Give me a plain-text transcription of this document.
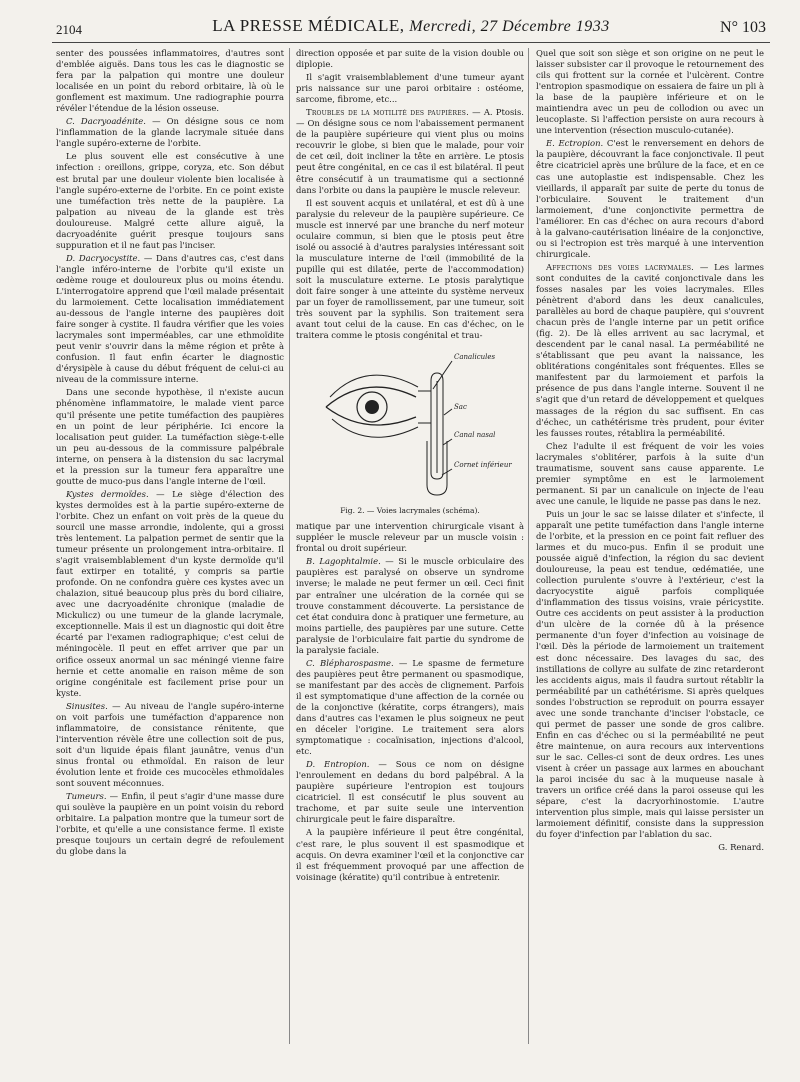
2104	LA PRESSE MÉDICALE, Mercredi, 27 Décembre 1933	N° 103

senter des poussées inflammatoires, d'autres sont d'emblée aiguës. Dans tous les cas le diagnostic se fera par la palpation qui montre une douleur localisée en un point du rebord orbitaire, là où le gonflement est maximum. Une radiographie pourra révéler l'étendue de la lésion osseuse.

C. Dacryoadénite. — On désigne sous ce nom l'inflammation de la glande lacrymale située dans l'angle supéro-externe de l'orbite.

Le plus souvent elle est consécutive à une infection : oreillons, grippe, coryza, etc. Son début est brutal par une douleur violente bien localisée à l'angle supéro-externe de l'orbite. En ce point existe une tuméfaction très nette de la paupière. La palpation au niveau de la glande est très douloureuse. Malgré cette allure aiguë, la dacryoadénite guérit presque toujours sans suppuration et il ne faut pas l'inciser.

D. Dacryocystite. — Dans d'autres cas, c'est dans l'angle inféro-interne de l'orbite qu'il existe un œdème rouge et douloureux plus ou moins étendu. L'interrogatoire apprend que l'œil malade présentait du larmoiement. Cette localisation immédiatement au-dessous de l'angle interne des paupières doit faire songer à cystite. Il faudra vérifier que les voies lacrymales sont imperméables, car une ethmoïdite peut venir s'ouvrir dans la même région et prête à confusion. Il faut enfin écarter le diagnostic d'érysipèle à cause du début fréquent de celui-ci au niveau de la commissure interne.

Dans une seconde hypothèse, il n'existe aucun phénomène inflammatoire, le malade vient parce qu'il présente une petite tuméfaction des paupières en un point de leur périphérie. Ici encore la localisation peut guider. La tuméfaction siège-t-elle un peu au-dessous de la commissure palpébrale interne, on pensera à la distension du sac lacrymal et la pression sur la tumeur fera apparaître une goutte de muco-pus dans l'angle interne de l'œil.

Kystes dermoïdes. — Le siège d'élection des kystes dermoïdes est à la partie supéro-externe de l'orbite. Chez un enfant on voit près de la queue du sourcil une masse arrondie, indolente, qui a grossi très lentement. La palpation permet de sentir que la tumeur présente un prolongement intra-orbitaire. Il s'agit vraisemblablement d'un kyste dermoïde qu'il faut extirper en totalité, y compris sa partie profonde. On ne confondra guère ces kystes avec un chalazion, situé beaucoup plus près du bord ciliaire, avec une dacryoadénite chronique (maladie de Mickulicz) ou une tumeur de la glande lacrymale, exceptionnelle. Mais il est un diagnostic qui doit être écarté par l'examen radiographique; c'est celui de méningocèle. Il peut en effet arriver que par un orifice osseux anormal un sac méningé vienne faire hernie et cette anomalie en raison même de son origine congénitale est facilement prise pour un kyste.

Sinusites. — Au niveau de l'angle supéro-interne on voit parfois une tuméfaction d'apparence non inflammatoire, de consistance rénitente, que l'intervention révèle être une collection soit de pus, soit d'un liquide épais filant jaunâtre, venus d'un sinus frontal ou ethmoïdal. En raison de leur évolution lente et froide ces mucocèles ethmoïdales sont souvent méconnues.

Tumeurs. — Enfin, il peut s'agir d'une masse dure qui soulève la paupière en un point voisin du rebord orbitaire. La palpation montre que la tumeur sort de l'orbite, et qu'elle a une consistance ferme. Il existe presque toujours un certain degré de refoulement du globe dans la

direction opposée et par suite de la vision double ou diplopie.

Il s'agit vraisemblablement d'une tumeur ayant pris naissance sur une paroi orbitaire : ostéome, sarcome, fibrome, etc...

Troubles de la motilité des paupières. — A. Ptosis. — On désigne sous ce nom l'abaissement permanent de la paupière supérieure qui vient plus ou moins recouvrir le globe, si bien que le malade, pour voir de cet œil, doit incliner la tête en arrière. Le ptosis peut être congénital, en ce cas il est bilatéral. Il peut être consécutif à un traumatisme qui a sectionné dans l'orbite ou dans la paupière le muscle releveur.

Il est souvent acquis et unilatéral, et est dû à une paralysie du releveur de la paupière supérieure. Ce muscle est innervé par une branche du nerf moteur oculaire commun, si bien que le ptosis peut être isolé ou associé à d'autres paralysies intéressant soit la musculature interne de l'œil (immobilité de la pupille qui est dilatée, perte de l'accommodation) soit la musculature externe. Le ptosis paralytique doit faire songer à une atteinte du système nerveux par un foyer de ramollissement, par une tumeur, soit très souvent par la syphilis. Son traitement sera avant tout celui de la cause. En cas d'échec, on le traitera comme le ptosis congénital et trau-

Canalicules
Sac
Canal nasal
Cornet inférieur
Fig. 2. — Voies lacrymales (schéma).

matique par une intervention chirurgicale visant à suppléer le muscle releveur par un muscle voisin : frontal ou droit supérieur.

B. Lagophtalmie. — Si le muscle orbiculaire des paupières est paralysé on observe un syndrome inverse; le malade ne peut fermer un œil. Ceci finit par entraîner une ulcération de la cornée qui se trouve constamment découverte. La persistance de cet état conduira donc à pratiquer une fermeture, au moins partielle, des paupières par une suture. Cette paralysie de l'orbiculaire fait partie du syndrome de la paralysie faciale.

C. Blépharospasme. — Le spasme de fermeture des paupières peut être permanent ou spasmodique, se manifestant par des accès de clignement. Parfois il est symptomatique d'une affection de la cornée ou de la conjonctive (kératite, corps étrangers), mais dans d'autres cas l'examen le plus soigneux ne peut en déceler l'origine. Le traitement sera alors symptomatique : cocaïnisation, injections d'alcool, etc.

D. Entropion. — Sous ce nom on désigne l'enroulement en dedans du bord palpébral. A la paupière supérieure l'entropion est toujours cicatriciel. Il est consécutif le plus souvent au trachome, et par suite seule une intervention chirurgicale peut le faire disparaître.

A la paupière inférieure il peut être congénital, c'est rare, le plus souvent il est spasmodique et acquis. On devra examiner l'œil et la conjonctive car il est fréquemment provoqué par une affection de voisinage (kératite) qu'il contribue à entretenir.

Quel que soit son siège et son origine on ne peut le laisser subsister car il provoque le retournement des cils qui frottent sur la cornée et l'ulcèrent. Contre l'entropion spasmodique on essaiera de faire un pli à la base de la paupière inférieure et on le maintiendra avec un peu de collodion ou avec un leucoplaste. Si l'affection persiste on aura recours à une intervention (résection musculo-cutanée).

E. Ectropion. C'est le renversement en dehors de la paupière, découvrant la face conjonctivale. Il peut être cicatriciel après une brûlure de la face, et en ce cas une autoplastie est indispensable. Chez les vieillards, il apparaît par suite de perte du tonus de l'orbiculaire. Souvent le traitement d'un larmoiement, d'une conjonctivite permettra de l'améliorer. En cas d'échec on aura recours d'abord à la galvano-cautérisation linéaire de la conjonctive, ou si l'ectropion est très marqué à une intervention chirurgicale.

Affections des voies lacrymales. — Les larmes sont conduites de la cavité conjonctivale dans les fosses nasales par les voies lacrymales. Elles pénètrent d'abord dans les deux canalicules, parallèles au bord de chaque paupière, qui s'ouvrent chacun près de l'angle interne par un petit orifice (fig. 2). De là elles arrivent au sac lacrymal, et descendent par le canal nasal. La perméabilité ne s'établissant que peu avant la naissance, les oblitérations congénitales sont fréquentes. Elles se manifestent par du larmoiement et parfois la présence de pus dans l'angle interne. Souvent il ne s'agit que d'un retard de développement et quelques massages de la région du sac suffisent. En cas d'échec, un cathétérisme très prudent, pour éviter les fausses routes, rétablira la perméabilité.

Chez l'adulte il est fréquent de voir les voies lacrymales s'oblitérer, parfois à la suite d'un traumatisme, souvent sans cause apparente. Le premier symptôme en est le larmoiement permanent. Si par un canalicule on injecte de l'eau avec une canule, le liquide ne passe pas dans le nez.

Puis un jour le sac se laisse dilater et s'infecte, il apparaît une petite tuméfaction dans l'angle interne de l'orbite, et la pression en ce point fait refluer des larmes et du muco-pus. Enfin il se produit une poussée aiguë d'infection, la région du sac devient douloureuse, la peau est tendue, œdématiée, une collection purulente s'ouvre à l'extérieur, c'est la dacryocystite aiguë parfois compliquée d'inflammation des tissus voisins, vraie péricystite. Outre ces accidents on peut assister à la production d'un ulcère de la cornée dû à la présence permanente d'un foyer d'infection au voisinage de l'œil. Dès la période de larmoiement un traitement est donc nécessaire. Des lavages du sac, des instillations de collyre au sulfate de zinc retarderont les accidents aigus, mais il faudra surtout rétablir la perméabilité par un cathétérisme. Si après quelques sondes l'obstruction se reproduit on pourra essayer avec une sonde tranchante d'inciser l'obstacle, ce qui permet de passer une sonde de gros calibre. Enfin en cas d'échec ou si la perméabilité ne peut être maintenue, on aura recours aux interventions sur le sac. Celles-ci sont de deux ordres. Les unes visent à créer un passage aux larmes en abouchant la paroi incisée du sac à la muqueuse nasale à travers un orifice créé dans la paroi osseuse qui les sépare, c'est la dacryorhinostomie. L'autre intervention plus simple, mais qui laisse persister un larmoiement définitif, consiste dans la suppression du foyer d'infection par l'ablation du sac.

G. Renard.
